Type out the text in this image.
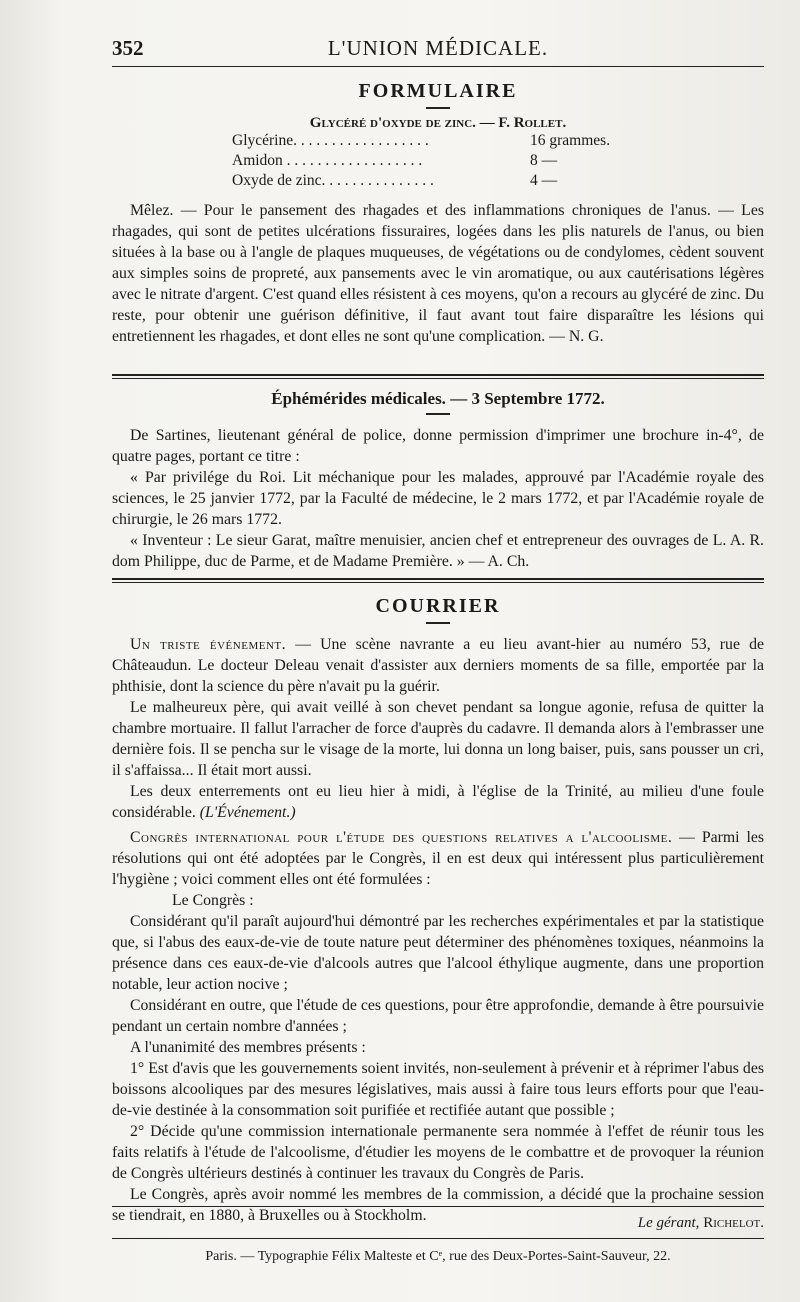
352	L'UNION MÉDICALE.
FORMULAIRE
Glycéré d'oxyde de zinc. — F. Rollet.
Glycérine. . . . . . . . . . . . . . . . . .	16 grammes.
Amidon . . . . . . . . . . . . . . . . . .	8 —
Oxyde de zinc. . . . . . . . . . . . . . .	4 —

Mêlez. — Pour le pansement des rhagades et des inflammations chroniques de l'anus. — Les rhagades, qui sont de petites ulcérations fissuraires, logées dans les plis naturels de l'anus, ou bien situées à la base ou à l'angle de plaques muqueuses, de végétations ou de condylomes, cèdent souvent aux simples soins de propreté, aux pansements avec le vin aromatique, ou aux cautérisations légères avec le nitrate d'argent. C'est quand elles résistent à ces moyens, qu'on a recours au glycéré de zinc. Du reste, pour obtenir une guérison définitive, il faut avant tout faire disparaître les lésions qui entretiennent les rhagades, et dont elles ne sont qu'une complication. — N. G.

Éphémérides médicales. — 3 Septembre 1772.

De Sartines, lieutenant général de police, donne permission d'imprimer une brochure in-4°, de quatre pages, portant ce titre :

« Par privilége du Roi. Lit méchanique pour les malades, approuvé par l'Académie royale des sciences, le 25 janvier 1772, par la Faculté de médecine, le 2 mars 1772, et par l'Académie royale de chirurgie, le 26 mars 1772.

« Inventeur : Le sieur Garat, maître menuisier, ancien chef et entrepreneur des ouvrages de L. A. R. dom Philippe, duc de Parme, et de Madame Première. » — A. Ch.

COURRIER

Un triste événement. — Une scène navrante a eu lieu avant-hier au numéro 53, rue de Châteaudun. Le docteur Deleau venait d'assister aux derniers moments de sa fille, emportée par la phthisie, dont la science du père n'avait pu la guérir.

Le malheureux père, qui avait veillé à son chevet pendant sa longue agonie, refusa de quitter la chambre mortuaire. Il fallut l'arracher de force d'auprès du cadavre. Il demanda alors à l'embrasser une dernière fois. Il se pencha sur le visage de la morte, lui donna un long baiser, puis, sans pousser un cri, il s'affaissa... Il était mort aussi.

Les deux enterrements ont eu lieu hier à midi, à l'église de la Trinité, au milieu d'une foule considérable. (L'Événement.)

Congrès international pour l'étude des questions relatives a l'alcoolisme. — Parmi les résolutions qui ont été adoptées par le Congrès, il en est deux qui intéressent plus particulièrement l'hygiène ; voici comment elles ont été formulées :

Le Congrès :

Considérant qu'il paraît aujourd'hui démontré par les recherches expérimentales et par la statistique que, si l'abus des eaux-de-vie de toute nature peut déterminer des phénomènes toxiques, néanmoins la présence dans ces eaux-de-vie d'alcools autres que l'alcool éthylique augmente, dans une proportion notable, leur action nocive ;

Considérant en outre, que l'étude de ces questions, pour être approfondie, demande à être poursuivie pendant un certain nombre d'années ;

A l'unanimité des membres présents :

1° Est d'avis que les gouvernements soient invités, non-seulement à prévenir et à réprimer l'abus des boissons alcooliques par des mesures législatives, mais aussi à faire tous leurs efforts pour que l'eau-de-vie destinée à la consommation soit purifiée et rectifiée autant que possible ;

2° Décide qu'une commission internationale permanente sera nommée à l'effet de réunir tous les faits relatifs à l'étude de l'alcoolisme, d'étudier les moyens de le combattre et de provoquer la réunion de Congrès ultérieurs destinés à continuer les travaux du Congrès de Paris.

Le Congrès, après avoir nommé les membres de la commission, a décidé que la prochaine session se tiendrait, en 1880, à Bruxelles ou à Stockholm.	Le gérant, Richelot.
Paris. — Typographie Félix Malteste et Cᵉ, rue des Deux-Portes-Saint-Sauveur, 22.
